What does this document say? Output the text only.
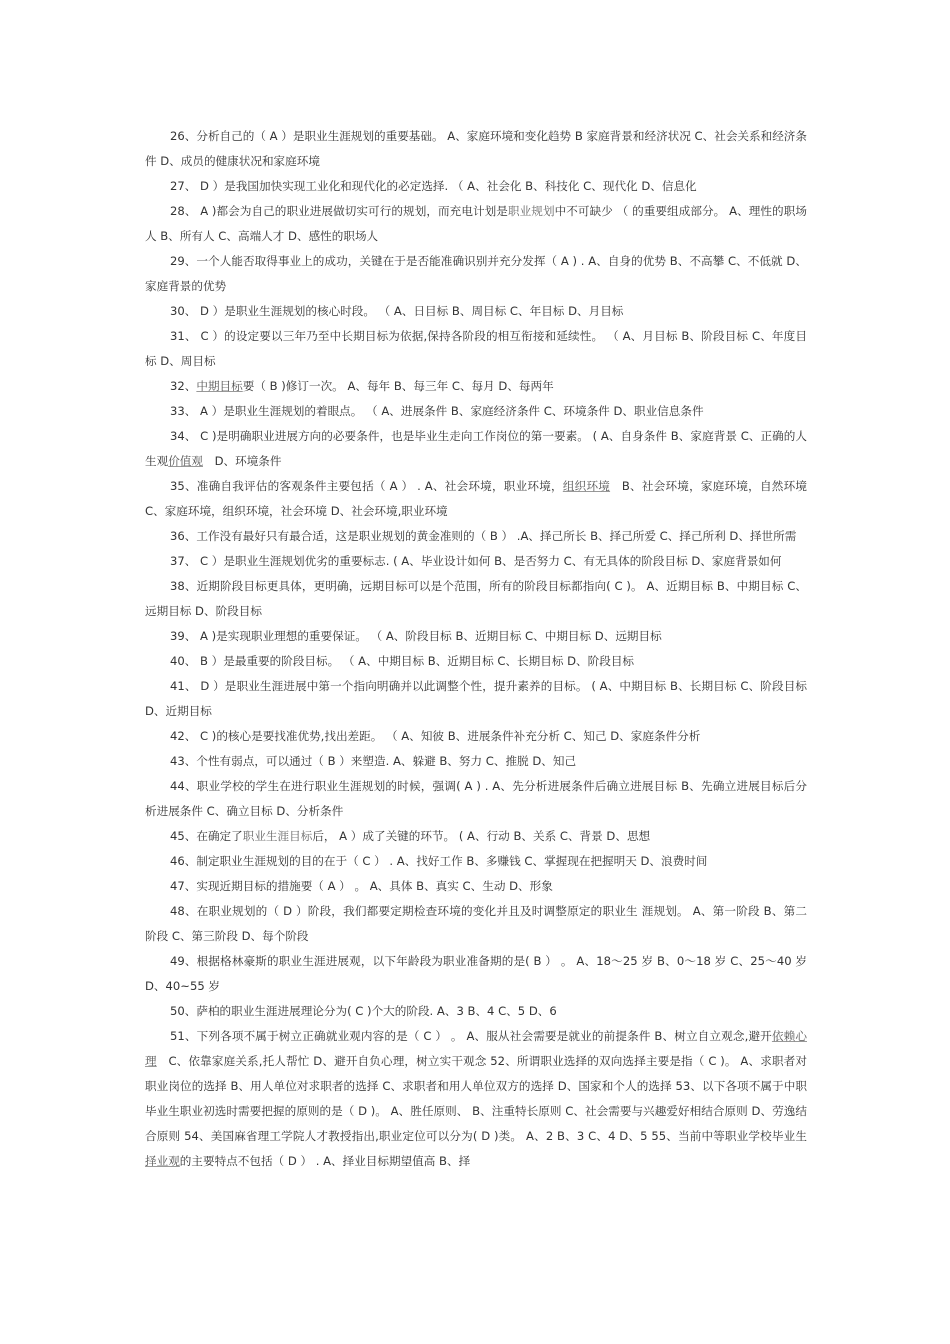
26、分析自己的（ A ）是职业生涯规划的重要基础。 A、家庭环境和变化趋势 B 家庭背景和经济状况 C、社会关系和经济条件 D、成员的健康状况和家庭环境

27、 D ）是我国加快实现工业化和现代化的必定选择. （ A、社会化 B、科技化 C、现代化 D、信息化

28、 A )都会为自己的职业进展做切实可行的规划，而充电计划是职业规划中不可缺少 （ 的重要组成部分。 A、理性的职场人 B、所有人 C、高端人才 D、感性的职场人

29、一个人能否取得事业上的成功，关键在于是否能准确识别并充分发挥（ A ) . A、自身的优势 B、不高攀 C、不低就 D、家庭背景的优势

30、 D ）是职业生涯规划的核心时段。 （ A、日目标 B、周目标 C、年目标 D、月目标

31、 C ）的设定要以三年乃至中长期目标为依据,保持各阶段的相互衔接和延续性。 （ A、月目标 B、阶段目标 C、年度目标 D、周目标

32、中期目标要（ B )修订一次。 A、每年 B、每三年 C、每月 D、每两年

33、 A ）是职业生涯规划的着眼点。 （ A、进展条件 B、家庭经济条件 C、环境条件 D、职业信息条件

34、 C )是明确职业进展方向的必要条件，也是毕业生走向工作岗位的第一要素。 ( A、自身条件 B、家庭背景 C、正确的人生观价值观　D、环境条件

35、准确自我评估的客观条件主要包括（ A ） . A、社会环境，职业环境，组织环境　B、社会环境，家庭环境，自然环境 C、家庭环境，组织环境，社会环境 D、社会环境,职业环境

36、工作没有最好只有最合适，这是职业规划的黄金准则的（ B ） .A、择己所长 B、择己所爱 C、择己所利 D、择世所需

37、 C ）是职业生涯规划优劣的重要标志. ( A、毕业设计如何 B、是否努力 C、有无具体的阶段目标 D、家庭背景如何

38、近期阶段目标更具体，更明确，远期目标可以是个范围，所有的阶段目标都指向( C )。 A、近期目标 B、中期目标 C、远期目标 D、阶段目标

39、 A )是实现职业理想的重要保证。 （ A、阶段目标 B、近期目标 C、中期目标 D、远期目标

40、 B ）是最重要的阶段目标。 （ A、中期目标 B、近期目标 C、长期目标 D、阶段目标

41、 D ）是职业生涯进展中第一个指向明确并以此调整个性，提升素养的目标。 ( A、中期目标 B、长期目标 C、阶段目标 D、近期目标

42、 C )的核心是要找准优势,找出差距。 （ A、知彼 B、进展条件补充分析 C、知己 D、家庭条件分析

43、个性有弱点，可以通过（ B ）来塑造. A、躲避 B、努力 C、推脱 D、知己

44、职业学校的学生在进行职业生涯规划的时候，强调( A ) . A、先分析进展条件后确立进展目标 B、先确立进展目标后分析进展条件 C、确立目标 D、分析条件

45、在确定了职业生涯目标后， A ）成了关键的环节。 ( A、行动 B、关系 C、背景 D、思想

46、制定职业生涯规划的目的在于（ C ） . A、找好工作 B、多赚钱 C、掌握现在把握明天 D、浪费时间

47、实现近期目标的措施要（ A ） 。 A、具体 B、真实 C、生动 D、形象

48、在职业规划的（ D ）阶段，我们都要定期检查环境的变化并且及时调整原定的职业生 涯规划。 A、第一阶段 B、第二阶段 C、第三阶段 D、每个阶段

49、根据格林豪斯的职业生涯进展观，以下年龄段为职业准备期的是( B ） 。 A、18～25 岁 B、0～18 岁 C、25～40 岁 D、40~55 岁

50、萨柏的职业生涯进展理论分为( C )个大的阶段. A、3 B、4 C、5 D、6

51、下列各项不属于树立正确就业观内容的是（ C ） 。 A、服从社会需要是就业的前提条件 B、树立自立观念,避开依赖心理　C、依靠家庭关系,托人帮忙 D、避开自负心理，树立实干观念 52、所谓职业选择的双向选择主要是指（ C )。 A、求职者对职业岗位的选择 B、用人单位对求职者的选择 C、求职者和用人单位双方的选择 D、国家和个人的选择 53、以下各项不属于中职毕业生职业初选时需要把握的原则的是（ D )。 A、胜任原则、 B、注重特长原则 C、社会需要与兴趣爱好相结合原则 D、劳逸结合原则 54、美国麻省理工学院人才教授指出,职业定位可以分为( D )类。 A、2 B、3 C、4 D、5 55、当前中等职业学校毕业生择业观的主要特点不包括（ D ） . A、择业目标期望值高 B、择
